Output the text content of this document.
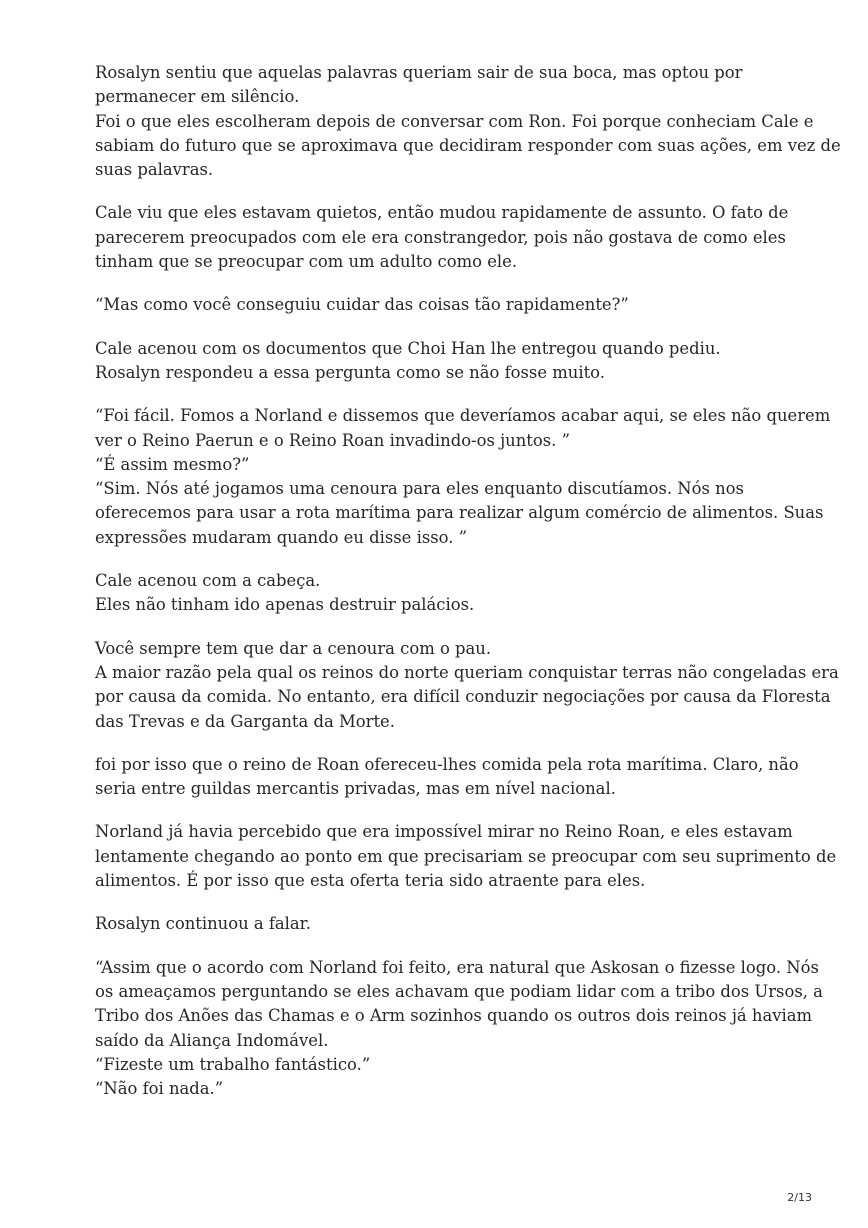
Rosalyn sentiu que aquelas palavras queriam sair de sua boca, mas optou por
permanecer em silêncio.
Foi o que eles escolheram depois de conversar com Ron. Foi porque conheciam Cale e
sabiam do futuro que se aproximava que decidiram responder com suas ações, em vez de
suas palavras.

Cale viu que eles estavam quietos, então mudou rapidamente de assunto. O fato de
parecerem preocupados com ele era constrangedor, pois não gostava de como eles
tinham que se preocupar com um adulto como ele.

“Mas como você conseguiu cuidar das coisas tão rapidamente?”

Cale acenou com os documentos que Choi Han lhe entregou quando pediu.
Rosalyn respondeu a essa pergunta como se não fosse muito.

“Foi fácil. Fomos a Norland e dissemos que deveríamos acabar aqui, se eles não querem
ver o Reino Paerun e o Reino Roan invadindo-os juntos. ”
“É assim mesmo?”
“Sim. Nós até jogamos uma cenoura para eles enquanto discutíamos. Nós nos
oferecemos para usar a rota marítima para realizar algum comércio de alimentos. Suas
expressões mudaram quando eu disse isso. ”

Cale acenou com a cabeça.
Eles não tinham ido apenas destruir palácios.

Você sempre tem que dar a cenoura com o pau.
A maior razão pela qual os reinos do norte queriam conquistar terras não congeladas era
por causa da comida. No entanto, era difícil conduzir negociações por causa da Floresta
das Trevas e da Garganta da Morte.

foi por isso que o reino de Roan ofereceu-lhes comida pela rota marítima. Claro, não
seria entre guildas mercantis privadas, mas em nível nacional.

Norland já havia percebido que era impossível mirar no Reino Roan, e eles estavam
lentamente chegando ao ponto em que precisariam se preocupar com seu suprimento de
alimentos. É por isso que esta oferta teria sido atraente para eles.

Rosalyn continuou a falar.

“Assim que o acordo com Norland foi feito, era natural que Askosan o fizesse logo. Nós
os ameaçamos perguntando se eles achavam que podiam lidar com a tribo dos Ursos, a
Tribo dos Anões das Chamas e o Arm sozinhos quando os outros dois reinos já haviam
saído da Aliança Indomável.
“Fizeste um trabalho fantástico.”
“Não foi nada.”

2/13
